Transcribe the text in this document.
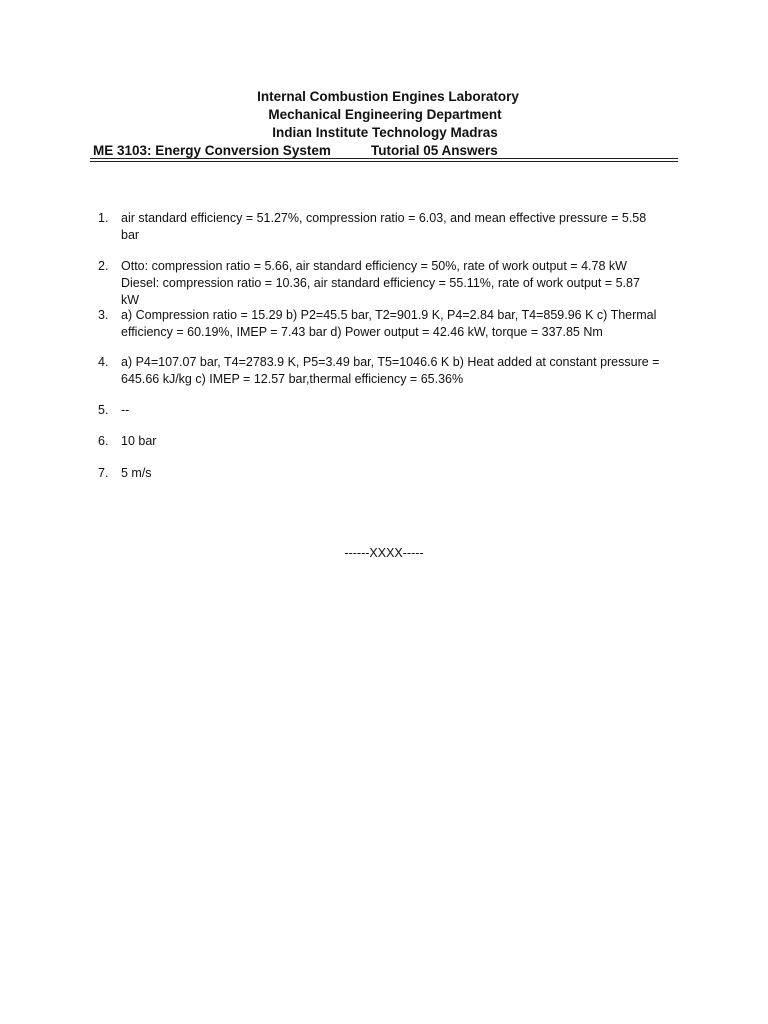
Internal Combustion Engines Laboratory

Mechanical Engineering Department

Indian Institute Technology Madras

ME 3103: Energy Conversion System	Tutorial 05 Answers
1. air standard efficiency = 51.27%, compression ratio = 6.03, and mean effective pressure = 5.58
bar
2. Otto: compression ratio = 5.66, air standard efficiency = 50%, rate of work output = 4.78 kW
Diesel: compression ratio = 10.36, air standard efficiency = 55.11%, rate of work output = 5.87
kW
3. a) Compression ratio = 15.29 b) P2=45.5 bar, T2=901.9 K, P4=2.84 bar, T4=859.96 K c) Thermal
efficiency = 60.19%, IMEP = 7.43 bar d) Power output = 42.46 kW, torque = 337.85 Nm
4. a) P4=107.07 bar, T4=2783.9 K, P5=3.49 bar, T5=1046.6 K b) Heat added at constant pressure =
645.66 kJ/kg c) IMEP = 12.57 bar,thermal efficiency = 65.36%
5. --
6. 10 bar
7. 5 m/s
------XXXX-----
